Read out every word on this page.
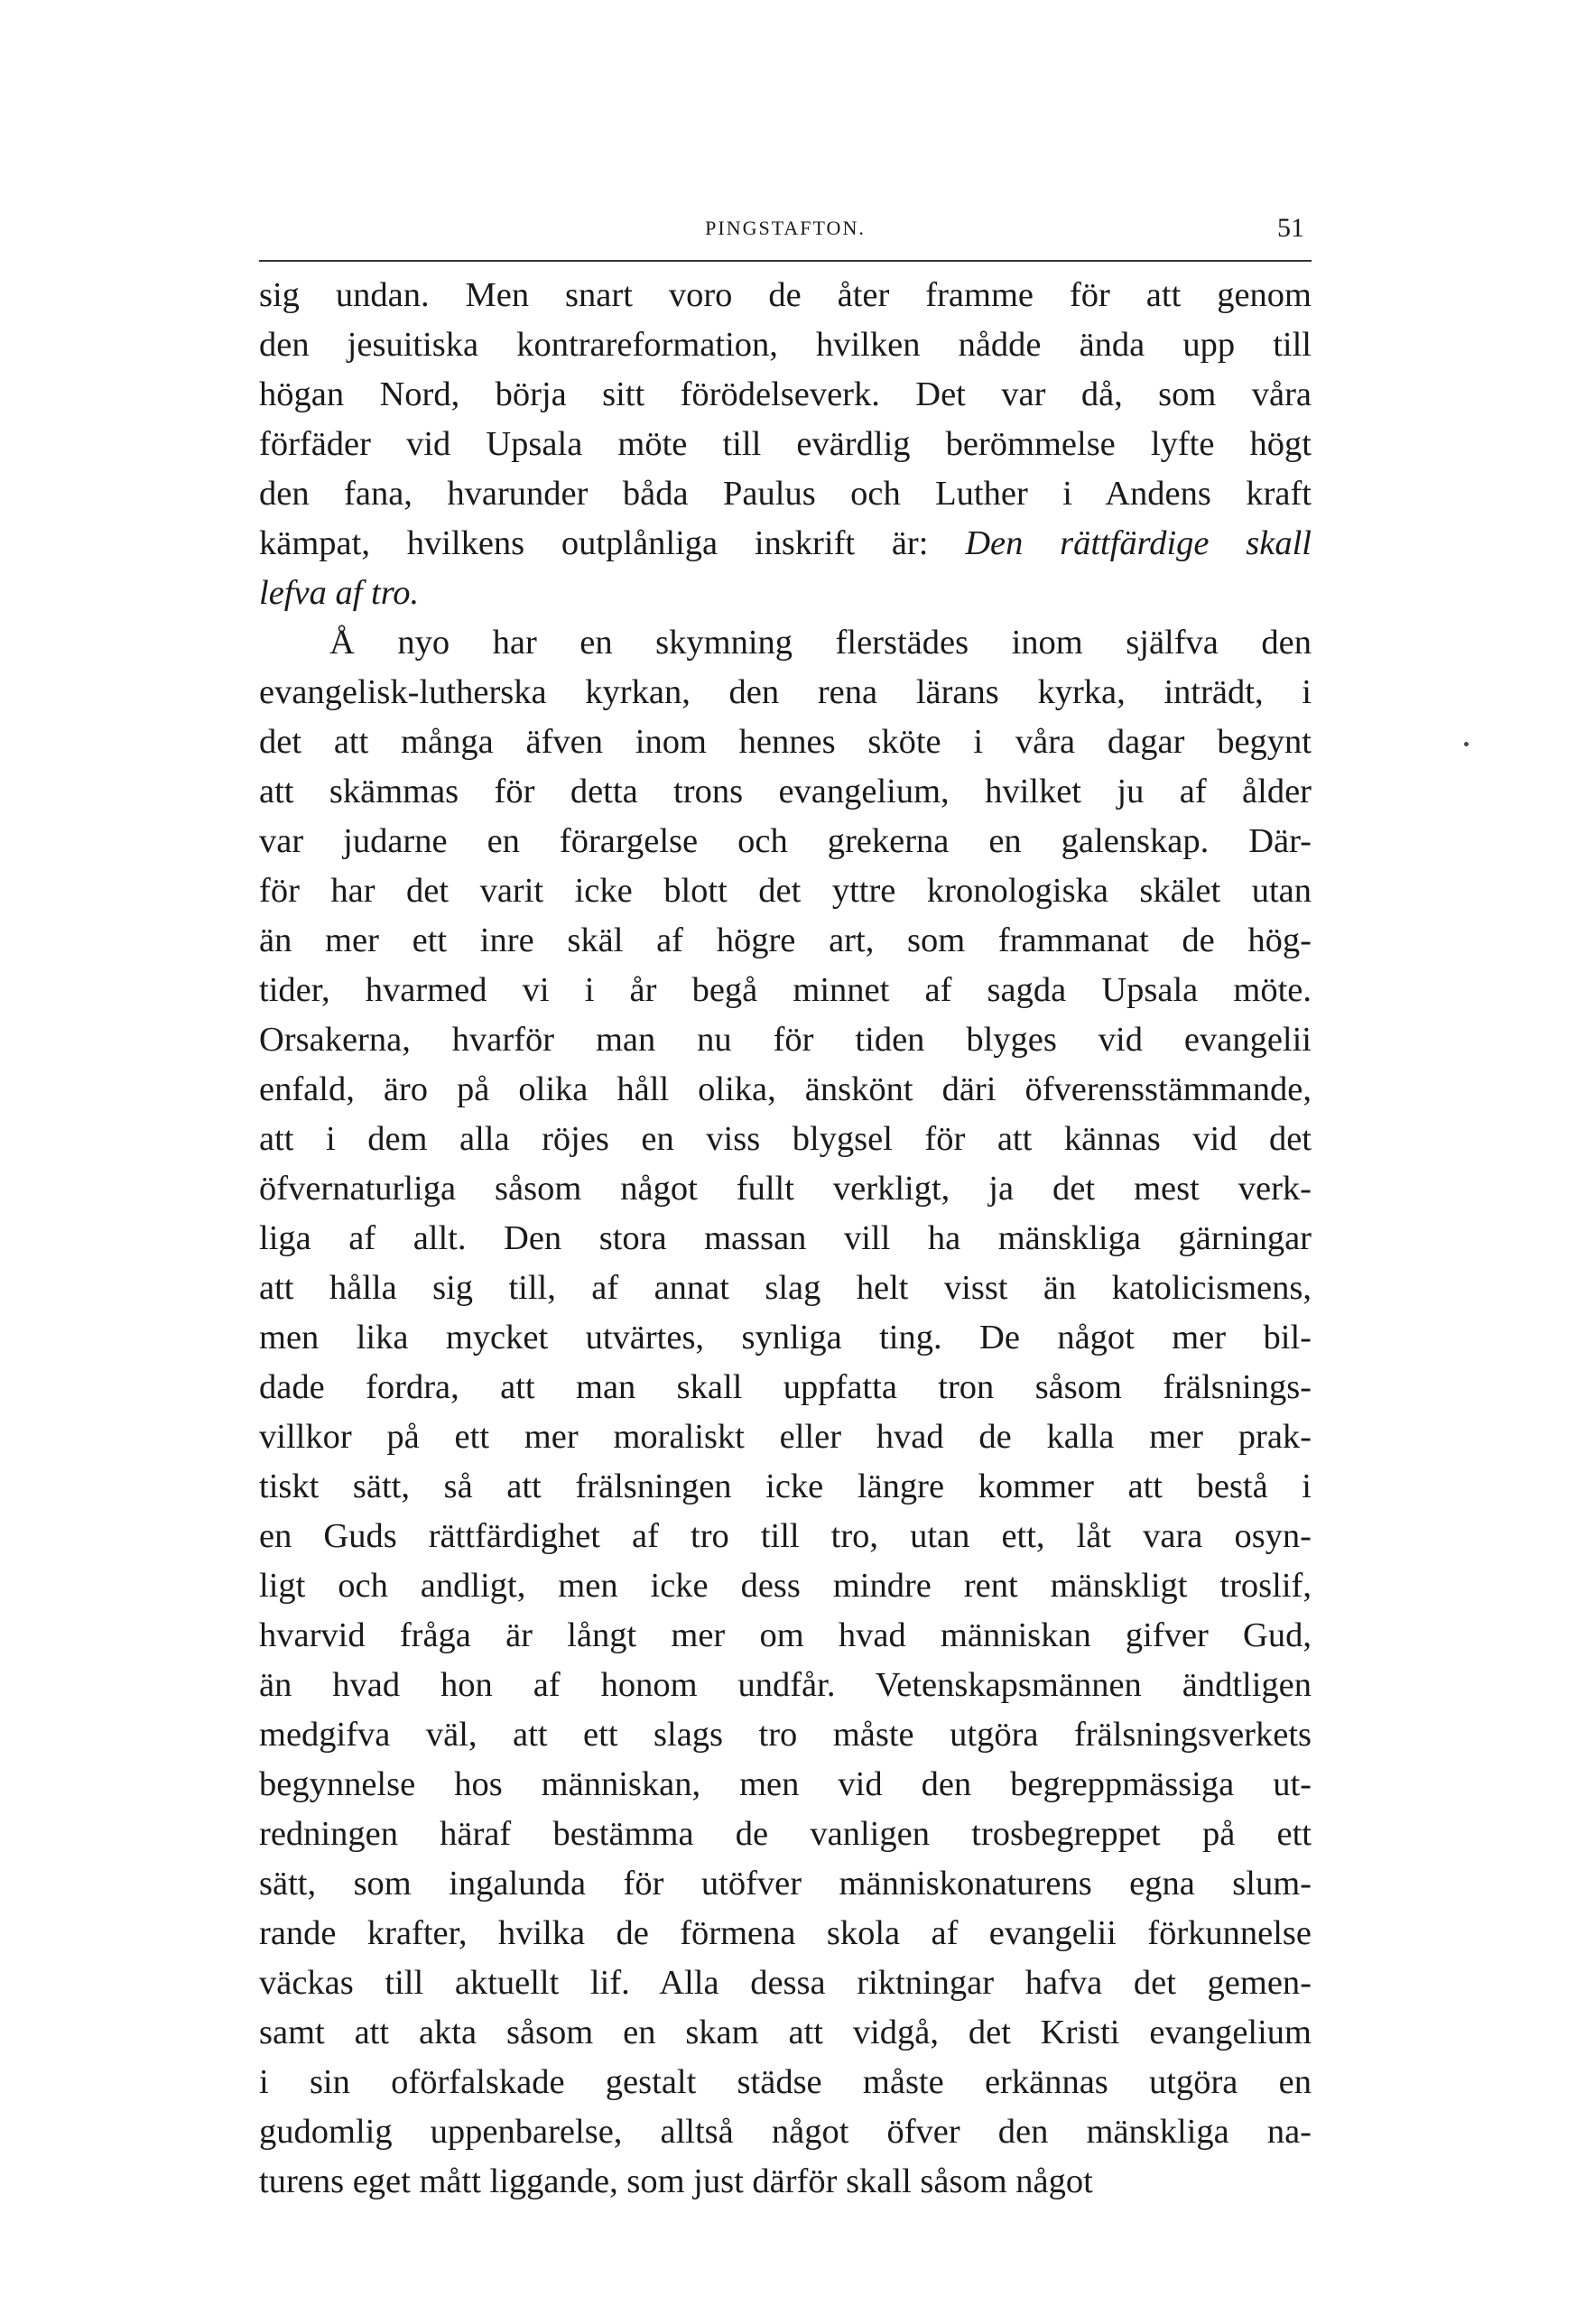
PINGSTAFTON.	51
sig undan. Men snart voro de åter framme för att genom
den jesuitiska kontrareformation, hvilken nådde ända upp till
högan Nord, börja sitt förödelseverk. Det var då, som våra
förfäder vid Upsala möte till evärdlig berömmelse lyfte högt
den fana, hvarunder båda Paulus och Luther i Andens kraft
kämpat, hvilkens outplånliga inskrift är: Den rättfärdige skall
lefva af tro.
Å nyo har en skymning flerstädes inom själfva den
evangelisk-lutherska kyrkan, den rena lärans kyrka, inträdt, i
det att många äfven inom hennes sköte i våra dagar begynt
att skämmas för detta trons evangelium, hvilket ju af ålder
var judarne en förargelse och grekerna en galenskap. Där-
för har det varit icke blott det yttre kronologiska skälet utan
än mer ett inre skäl af högre art, som frammanat de hög-
tider, hvarmed vi i år begå minnet af sagda Upsala möte.
Orsakerna, hvarför man nu för tiden blyges vid evangelii
enfald, äro på olika håll olika, änskönt däri öfverensstämmande,
att i dem alla röjes en viss blygsel för att kännas vid det
öfvernaturliga såsom något fullt verkligt, ja det mest verk-
liga af allt. Den stora massan vill ha mänskliga gärningar
att hålla sig till, af annat slag helt visst än katolicismens,
men lika mycket utvärtes, synliga ting. De något mer bil-
dade fordra, att man skall uppfatta tron såsom frälsnings-
villkor på ett mer moraliskt eller hvad de kalla mer prak-
tiskt sätt, så att frälsningen icke längre kommer att bestå i
en Guds rättfärdighet af tro till tro, utan ett, låt vara osyn-
ligt och andligt, men icke dess mindre rent mänskligt troslif,
hvarvid fråga är långt mer om hvad människan gifver Gud,
än hvad hon af honom undfår. Vetenskapsmännen ändtligen
medgifva väl, att ett slags tro måste utgöra frälsningsverkets
begynnelse hos människan, men vid den begreppmässiga ut-
redningen häraf bestämma de vanligen trosbegreppet på ett
sätt, som ingalunda för utöfver människonaturens egna slum-
rande krafter, hvilka de förmena skola af evangelii förkunnelse
väckas till aktuellt lif. Alla dessa riktningar hafva det gemen-
samt att akta såsom en skam att vidgå, det Kristi evangelium
i sin oförfalskade gestalt städse måste erkännas utgöra en
gudomlig uppenbarelse, alltså något öfver den mänskliga na-
turens eget mått liggande, som just därför skall såsom något
